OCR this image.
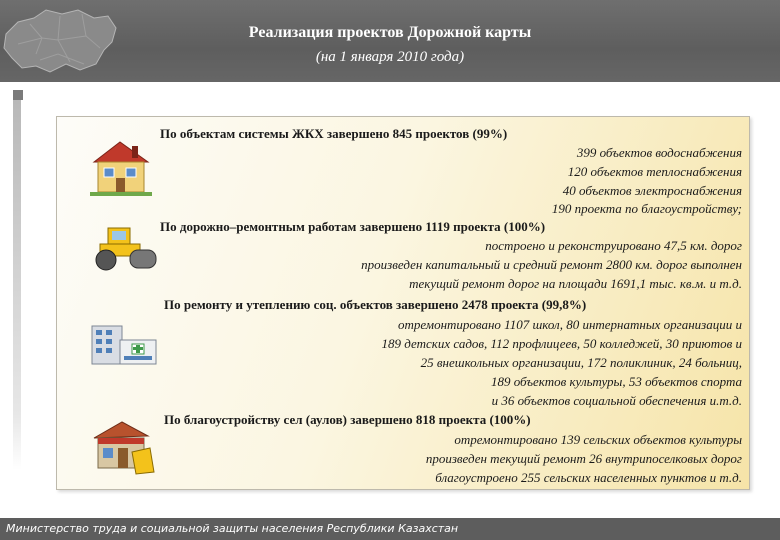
Реализация проектов Дорожной карты
(на 1 января 2010 года)
По объектам системы ЖКХ завершено 845 проектов (99%)
399 объектов водоснабжения
120 объектов теплоснабжения
40 объектов электроснабжения
190 проекта по благоустройству;
По дорожно–ремонтным работам завершено 1119 проекта (100%)
построено и реконструировано 47,5 км. дорог
произведен капитальный и средний ремонт 2800 км. дорог выполнен
текущий ремонт дорог на площади 1691,1 тыс. кв.м. и т.д.
По ремонту и утеплению соц. объектов завершено 2478 проекта (99,8%)
отремонтировано 1107 школ, 80 интернатных организации и
189 детских садов, 112 профлицеев, 50 колледжей, 30 приютов и
25 внешкольных организации, 172 поликлиник, 24 больниц,
189 объектов культуры, 53 объектов спорта
и 36 объектов социальной обеспечения и.т.д.
По благоустройству сел (аулов) завершено 818 проекта (100%)
отремонтировано 139 сельских объектов культуры
произведен текущий ремонт 26 внутрипоселковых дорог
благоустроено 255 сельских населенных пунктов и т.д.
Министерство труда и социальной защиты населения Республики Казахстан
